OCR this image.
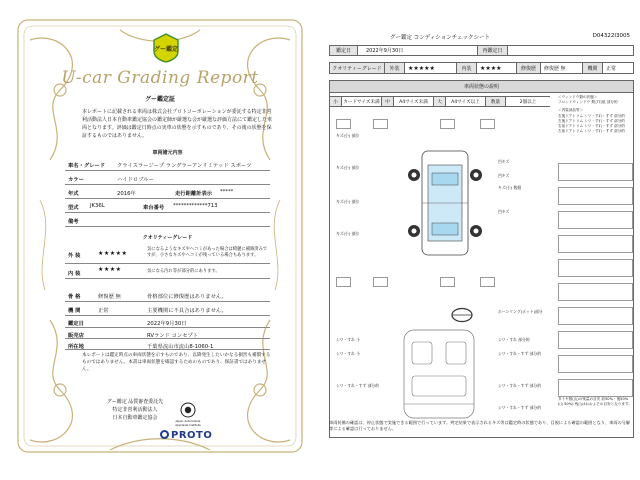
グー鑑定
U-car Grading Report
グー鑑定証
本レポートに記載される車両は株式会社プロトコーポレーションが委託する特定非営利活動法人日本自動車鑑定協会の鑑定師が厳選な会が厳選な評価方法にて鑑定した車両となります。評価は鑑定日時点の実車の状態を示すものであり、その後の状態を保証するものではありません。
車両諸元内容
車名・グレード クライスラージープ ラングラーアンリミテッド スポーツ
カラー	ハイドロブルー
年式	2016年	走行距離計表示 *****
型式 JK36L	車台番号 *************713
備考
クオリティーグレード
外 装	★★★★★
気になるようなキズやヘコミがあった場合は綺麗に補修済みですが、小さなキズやヘコミが残っている場合もあります。
内 装
★★★★	気になる汚れ等が部分的にあります。
骨 格	修復歴 無	骨格部位に修復歴はありません。
機 関	正常	主要機関に不具合はありません。
鑑定日	2022年9月30日
販売店	RVランド コンセプト
所在地	千葉県流山市流山8-1060-1
本レポートは鑑定時点の車両状態を示すものであり、以降発生したいかなる損害も補償するものではありません。本書は車両状態を確認するためのものであり、保証書ではありません。
グー鑑定 品質審査委託先
特定非営利活動法人
日本自動車鑑定協会	Japan Automobile Appraisal Institute
PROTO
グー鑑定 コンディションチェックシート	D04322I3005
鑑定日	2022年9月30日	再鑑定日
クオリティーグレード	外装	★★★★★	内装	★★★★	修復歴	修復歴 無	機関	正常
車両状態の説明
小	カードサイズ未満	中	A4サイズ未満	大	A4サイズ以上	数量	2個以上
キズ(小) 部位
キズ(小) 部位
キズ(小) 部位
キズ(小) 部位
凹キズ
凹キズ
キズ(小) 数個
凹キズ
ホーンリング(ポット)部分
シワ・すれ 小
シワ・すれ 小
シワ・すれ 部分的
シワ・すれ・すず 部分的
シワ・すれ・すず 部分的	シワ・すれ・すず 部分的
シワ・すれ・すず 部分的
＜ウィンドウ類の状態＞
フロントウィンドウ 飛び石痕 部分的
＜内装部品等＞
右後ドアトリム シワ・すれ・すず 部分的
左後ドアトリム シワ・すれ・すず 部分的
右前ドアトリム シワ・すれ・すず 部分的
左前ドアトリム シワ・すれ・すず 部分的
タイヤ数(山)の残量の目安 前50%・後50%
(山 50%) 残山はおおよその目安となります。
車両装備の確認は、停止状態で実施できる範囲で行っています。判定結果で表示されるキズ等は鑑定時の状態であり、目視による確認の範囲となり、車両の分解等による確認は行っておりません。
